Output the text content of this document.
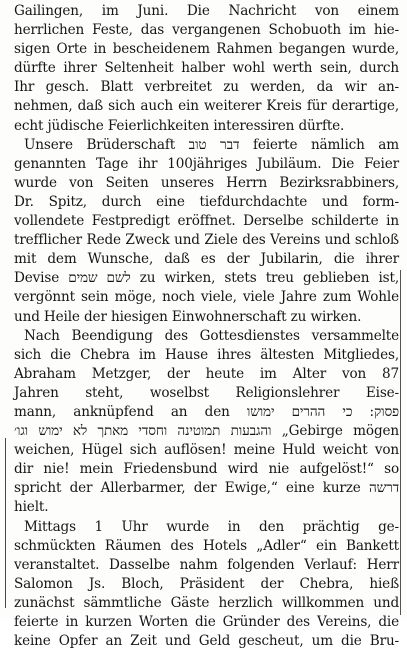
Gailingen, im Juni. Die Nachricht von einem
herrlichen Feste, das vergangenen Schobuoth im hie-
sigen Orte in bescheidenem Rahmen begangen wurde,
dürfte ihrer Seltenheit halber wohl werth sein, durch
Ihr gesch. Blatt verbreitet zu werden, da wir an-
nehmen, daß sich auch ein weiterer Kreis für derartige,
echt jüdische Feierlichkeiten interessiren dürfte.
Unsere Brüderschaft דבר טוב feierte nämlich am
genannten Tage ihr 100jähriges Jubiläum. Die Feier
wurde von Seiten unseres Herrn Bezirksrabbiners,
Dr. Spitz, durch eine tiefdurchdachte und form-
vollendete Festpredigt eröffnet. Derselbe schilderte in
trefflicher Rede Zweck und Ziele des Vereins und schloß
mit dem Wunsche, daß es der Jubilarin, die ihrer
Devise לשם שמים zu wirken, stets treu geblieben ist,
vergönnt sein möge, noch viele, viele Jahre zum Wohle
und Heile der hiesigen Einwohnerschaft zu wirken.
Nach Beendigung des Gottesdienstes versammelte
sich die Chebra im Hause ihres ältesten Mitgliedes,
Abraham Metzger, der heute im Alter von 87
Jahren steht, woselbst Religionslehrer Eise-
mann, anknüpfend an den פסוק: כי ההרים ימושו
והגבעות תמוטינה וחסדי מאתך לא ימוש וגו׳ „Gebirge mögen
weichen, Hügel sich auflösen! meine Huld weicht von
dir nie! mein Friedensbund wird nie aufgelöst!“ so
spricht der Allerbarmer, der Ewige,“ eine kurze דרשה
hielt.
Mittags 1 Uhr wurde in den prächtig ge-
schmückten Räumen des Hotels „Adler“ ein Bankett
veranstaltet. Dasselbe nahm folgenden Verlauf: Herr
Salomon Js. Bloch, Präsident der Chebra, hieß
zunächst sämmtliche Gäste herzlich willkommen und
feierte in kurzen Worten die Gründer des Vereins, die
keine Opfer an Zeit und Geld gescheut, um die Bru-
